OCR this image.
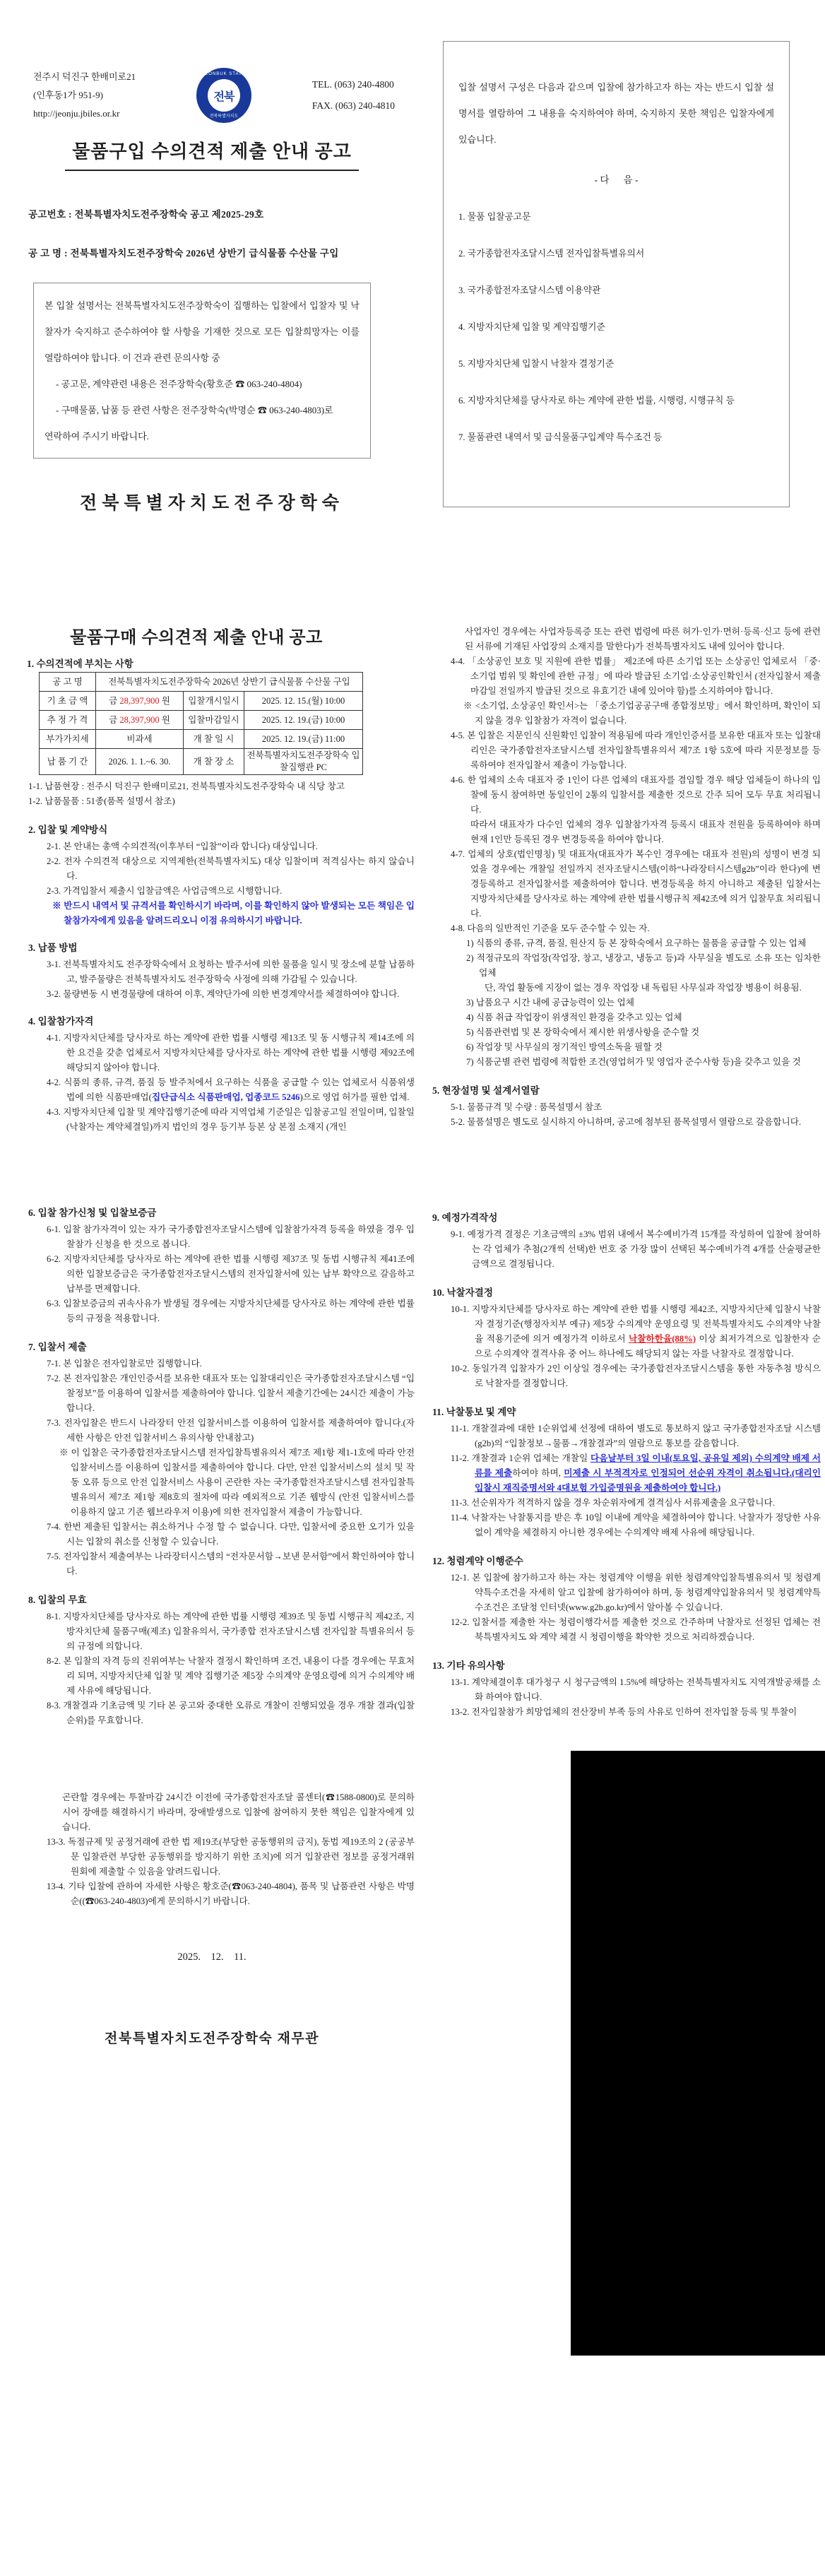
전주시 덕진구 한배미로21
(인후동1가 951-9)
http://jeonju.jbiles.or.kr
JEONBUK STATE
전북
전북특별자치도
TEL. (063) 240-4800
FAX. (063) 240-4810
물품구입 수의견적 제출 안내 공고
공고번호 : 전북특별자치도전주장학숙 공고 제2025-29호
공 고 명 : 전북특별자치도전주장학숙 2026년 상반기 급식물품 수산물 구입
본 입찰 설명서는 전북특별자치도전주장학숙이 집행하는 입찰에서 입찰자 및 낙찰자가 숙지하고 준수하여야 할 사항을 기재한 것으로 모든 입찰희망자는 이를 열람하여야 합니다. 이 건과 관련 문의사항 중
- 공고문, 계약관련 내용은 전주장학숙(황호준 ☎ 063-240-4804)
- 구매물품, 납품 등 관련 사항은 전주장학숙(박명순 ☎ 063-240-4803)로
연락하여 주시기 바랍니다.
전북특별자치도전주장학숙
입찰 설명서 구성은 다음과 같으며 입찰에 참가하고자 하는 자는 반드시 입찰 설명서를 열람하여 그 내용을 숙지하여야 하며, 숙지하지 못한 책임은 입찰자에게 있습니다.
- 다      음 -
1. 물품 입찰공고문
2. 국가종합전자조달시스템 전자입찰특별유의서
3. 국가종합전자조달시스템 이용약관
4. 지방자치단체 입찰 및 계약집행기준
5. 지방자치단체 입찰시 낙찰자 결정기준
6. 지방자치단체를 당사자로 하는 계약에 관한 법률, 시행령, 시행규칙 등
7. 물품관련 내역서 및 급식물품구입계약 특수조건 등
물품구매 수의견적 제출 안내 공고
1. 수의견적에 부치는 사항
공 고 명	전북특별자치도전주장학숙 2026년 상반기 급식물품 수산물 구입		
기 초 금 액	금 28,397,900 원	입찰개시일시	2025. 12. 15.(월) 10:00
추 정 가 격	금 28,397,900 원	입찰마감일시	2025. 12. 19.(금) 10:00
부가가치세	비과세	개 찰 일 시	2025. 12. 19.(금) 11:00
납 품 기 간	2026. 1. 1.~6. 30.	개 찰 장 소	전북특별자치도전주장학숙 입찰집행관 PC
1-1. 납품현장 : 전주시 덕진구 한배미로21, 전북특별자치도전주장학숙 내 식당 창고
1-2. 납품물품 : 51종(품목 설명서 참조)
2. 입찰 및 계약방식
2-1. 본 안내는 총액 수의견적(이후부터 “입찰”이라 합니다) 대상입니다.
2-2. 전자 수의견적 대상으로 지역제한(전북특별자치도) 대상 입찰이며 적격심사는 하지 않습니다.
2-3. 가격입찰서 제출시 입찰금액은 사업금액으로 시행합니다.
※ 반드시 내역서 및 규격서를 확인하시기 바라며, 이를 확인하지 않아 발생되는 모든 책임은 입찰참가자에게 있음을 알려드리오니 이점 유의하시기 바랍니다.
3. 납품 방법
3-1. 전북특별자치도 전주장학숙에서 요청하는 발주서에 의한 물품을 일시 및 장소에 분할 납품하고, 발주물량은 전북특별자치도 전주장학숙 사정에 의해 가감될 수 있습니다.
3-2. 물량변동 시 변경물량에 대하여 이후, 계약단가에 의한 변경계약서를 체결하여야 합니다.
4. 입찰참가자격
4-1. 지방자치단체를 당사자로 하는 계약에 관한 법률 시행령 제13조 및 동 시행규칙 제14조에 의한 요건을 갖춘 업체로서 지방자치단체를 당사자로 하는 계약에 관한 법률 시행령 제92조에 해당되지 않아야 합니다.
4-2. 식품의 종류, 규격, 품질 등 발주처에서 요구하는 식품을 공급할 수 있는 업체로서 식품위생법에 의한 식품판매업(집단급식소 식품판매업, 업종코드 5246)으로 영업 허가를 필한 업체.
4-3. 지방자치단체 입찰 및 계약집행기준에 따라 지역업체 기준일은 입찰공고일 전일이며, 입찰일(낙찰자는 계약체결일)까지 법인의 경우 등기부 등본 상 본점 소재지 (개인
사업자인 경우에는 사업자등록증 또는 관련 법령에 따른 허가·인가·면허·등록·신고 등에 관련된 서류에 기재된 사업장의 소재지를 말한다)가 전북특별자치도 내에 있어야 합니다.
4-4. 「소상공인 보호 및 지원에 관한 법률」 제2조에 따른 소기업 또는 소상공인 업체로서 「중·소기업 범위 및 확인에 관한 규정」에 따라 발급된 소기업·소상공인확인서 (전자입찰서 제출 마감일 전일까지 발급된 것으로 유효기간 내에 있어야 함)를 소지하여야 합니다.
※ <소기업, 소상공인 확인서>는 「중소기업공공구매 종합정보망」에서 확인하며, 확인이 되지 않을 경우 입찰참가 자격이 없습니다.
4-5. 본 입찰은 지문인식 신원확인 입찰이 적용됨에 따라 개인인증서를 보유한 대표자 또는 입찰대리인은 국가종합전자조달시스템 전자입찰특별유의서 제7조 1항 5호에 따라 지문정보를 등록하여야 전자입찰서 제출이 가능합니다.
4-6. 한 업체의 소속 대표자 중 1인이 다른 업체의 대표자를 겸임할 경우 해당 업체들이 하나의 입찰에 동시 참여하면 동일인이 2통의 입찰서를 제출한 것으로 간주 되어 모두 무효 처리됩니다.
따라서 대표자가 다수인 업체의 경우 입찰참가자격 등록시 대표자 전원을 등록하여야 하며 현재 1인만 등록된 경우 변경등록을 하여야 합니다.
4-7. 업체의 상호(법인명칭) 및 대표자(대표자가 복수인 경우에는 대표자 전원)의 성명이 변경 되었을 경우에는 개찰일 전일까지 전자조달시스템(이하“나라장터시스템g2b”이라 한다)에 변경등록하고 전자입찰서를 제출하여야 합니다. 변경등록을 하지 아니하고 제출된 입찰서는 지방자치단체를 당사자로 하는 계약에 관한 법률시행규칙 제42조에 의거 입찰무효 처리됩니다.
4-8. 다음의 일반적인 기준을 모두 준수할 수 있는 자.
1) 식품의 종류, 규격, 품질, 원산지 등 본 장학숙에서 요구하는 물품을 공급할 수 있는 업체
2) 적정규모의 작업장(작업장, 창고, 냉장고, 냉동고 등)과 사무실을 별도로 소유 또는 임차한 업체
단, 작업 활동에 지장이 없는 경우 작업장 내 독립된 사무실과 작업장 병용이 허용됨.
3) 납품요구 시간 내에 공급능력이 있는 업체
4) 식품 취급 작업장이 위생적인 환경을 갖추고 있는 업체
5) 식품관련법 및 본 장학숙에서 제시한 위생사항을 준수할 것
6) 작업장 및 사무실의 정기적인 방역소독을 필할 것
7) 식품군별 관련 법령에 적합한 조건(영업허가 및 영업자 준수사항 등)을 갖추고 있을 것
5. 현장설명 및 설계서열람
5-1. 물품규격 및 수량 : 품목설명서 참조
5-2. 물품설명은 별도로 실시하지 아니하며, 공고에 첨부된 품목설명서 열람으로 갈음합니다.
6. 입찰 참가신청 및 입찰보증금
6-1. 입찰 참가자격이 있는 자가 국가종합전자조달시스템에 입찰참가자격 등록을 하였을 경우 입찰참가 신청을 한 것으로 봅니다.
6-2. 지방자치단체를 당사자로 하는 계약에 관한 법률 시행령 제37조 및 동법 시행규칙 제41조에 의한 입찰보증금은 국가종합전자조달시스템의 전자입찰서에 있는 납부 확약으로 갈음하고 납부를 면제합니다.
6-3. 입찰보증금의 귀속사유가 발생될 경우에는 지방자치단체를 당사자로 하는 계약에 관한 법률 등의 규정을 적용합니다.
7. 입찰서 제출
7-1. 본 입찰은 전자입찰로만 집행합니다.
7-2. 본 전자입찰은 개인인증서를 보유한 대표자 또는 입찰대리인은 국가종합전자조달시스템 “입찰정보”를 이용하여 입찰서를 제출하여야 합니다. 입찰서 제출기간에는 24시간 제출이 가능합니다.
7-3. 전자입찰은 반드시 나라장터 안전 입찰서비스를 이용하여 입찰서를 제출하여야 합니다.(자세한 사항은 안전 입찰서비스 유의사항 안내참고)
※ 이 입찰은 국가종합전자조달시스템 전자입찰특별유의서 제7조 제1항 제1-1호에 따라 안전 입찰서비스를 이용하여 입찰서를 제출하여야 합니다. 다만, 안전 입찰서비스의 설치 및 작동 오류 등으로 안전 입찰서비스 사용이 곤란한 자는 국가종합전자조달시스템 전자입찰특별유의서 제7조 제1항 제8호의 절차에 따라 예외적으로 기존 웹방식 (안전 입찰서비스를 이용하지 않고 기존 웹브라우저 이용)에 의한 전자입찰서 제출이 가능합니다.
7-4. 한번 제출된 입찰서는 취소하거나 수정 할 수 없습니다. 다만, 입찰서에 중요한 오기가 있을 시는 입찰의 취소를 신청할 수 있습니다.
7-5. 전자입찰서 제출여부는 나라장터시스템의 “전자문서함→보낸 문서함”에서 확인하여야 합니다.
8. 입찰의 무효
8-1. 지방자치단체를 당사자로 하는 계약에 관한 법률 시행령 제39조 및 동법 시행규칙 제42조, 지방자치단체 물품구매(제조) 입찰유의서, 국가종합 전자조달시스템 전자입찰 특별유의서 등의 규정에 의합니다.
8-2. 본 입찰의 자격 등의 진위여부는 낙찰자 결정시 확인하며 조건, 내용이 다를 경우에는 무효처리 되며, 지방자치단체 입찰 및 계약 집행기준 제5장 수의계약 운영요령에 의거 수의계약 배제 사유에 해당됩니다.
8-3. 개찰결과 기초금액 및 기타 본 공고와 중대한 오류로 개찰이 진행되었을 경우 개찰 결과(입찰순위)를 무효합니다.
9. 예정가격작성
9-1. 예정가격 결정은 기초금액의 ±3% 범위 내에서 복수예비가격 15개를 작성하여 입찰에 참여하는 각 업체가 추첨(2개씩 선택)한 번호 중 가장 많이 선택된 복수예비가격 4개를 산술평균한 금액으로 결정됩니다.
10. 낙찰자결정
10-1. 지방자치단체를 당사자로 하는 계약에 관한 법률 시행령 제42조, 지방자치단체 입찰시 낙찰자 결정기준(행정자치부 예규) 제5장 수의계약 운영요령 및 전북특별자치도 수의계약 낙찰율 적용기준에 의거 예정가격 이하로서 낙찰하한율(88%) 이상 최저가격으로 입찰한자 순으로 수의계약 결격사유 중 어느 하나에도 해당되지 않는 자를 낙찰자로 결정합니다.
10-2. 동일가격 입찰자가 2인 이상일 경우에는 국가종합전자조달시스템을 통한 자동추첨 방식으로 낙찰자를 결정합니다.
11. 낙찰통보 및 계약
11-1. 개찰결과에 대한 1순위업체 선정에 대하여 별도로 통보하지 않고 국가종합전자조달 시스템 (g2b)의 “입찰정보→물품→개찰결과”의 열람으로 통보를 갈음합니다.
11-2. 개찰결과 1순위 업체는 개찰일 다음날부터 3일 이내(토요일, 공유일 제외) 수의계약 배제 서류를 제출하여야 하며, 미제출 시 부적격자로 인정되어 선순위 자격이 취소됩니다.(대리인 입찰시 재직증명서와 4대보험 가입증명원을 제출하여야 합니다.)
11-3. 선순위자가 적격하지 않을 경우 차순위자에게 결격심사 서류제출을 요구합니다.
11-4. 낙찰자는 낙찰통지를 받은 후 10일 이내에 계약을 체결하여야 합니다. 낙찰자가 정당한 사유 없이 계약을 체결하지 아니한 경우에는 수의계약 배제 사유에 해당됩니다.
12. 청렴계약 이행준수
12-1. 본 입찰에 참가하고자 하는 자는 청렴계약 이행을 위한 청렴계약입찰특별유의서 및 청렴계약특수조건을 자세히 알고 입찰에 참가하여야 하며, 동 청렴계약입찰유의서 및 청렴계약특수조건은 조달청 인터넷(www.g2b.go.kr)에서 알아볼 수 있습니다.
12-2. 입찰서를 제출한 자는 청렴이행각서를 제출한 것으로 간주하며 낙찰자로 선정된 업체는 전북특별자치도 와 계약 체결 시 청렴이행을 확약한 것으로 처리하겠습니다.
13. 기타 유의사항
13-1. 계약체결이후 대가청구 시 청구금액의 1.5%에 해당하는 전북특별자치도 지역개발공채를 소화 하여야 합니다.
13-2. 전자입찰참가 희망업체의 전산장비 부족 등의 사유로 인하여 전자입찰 등록 및 투찰이
곤란할 경우에는 투찰마감 24시간 이전에 국가종합전자조달 콜센터(☎1588-0800)로 문의하시어 장애를 해결하시기 바라며, 장애발생으로 입찰에 참여하지 못한 책임은 입찰자에게 있습니다.
13-3. 독점규제 및 공정거래에 관한 법 제19조(부당한 공동행위의 금지), 동법 제19조의 2 (공공부문 입찰관련 부당한 공동행위를 방지하기 위한 조치)에 의거 입찰관련 정보를 공정거래위원회에 제출할 수 있음을 알려드립니다.
13-4. 기타 입찰에 관하여 자세한 사항은 황호준(☎063-240-4804), 품목 및 납품관련 사항은 박명순((☎063-240-4803)에게 문의하시기 바랍니다.
2025.    12.    11.
전북특별자치도전주장학숙 재무관
